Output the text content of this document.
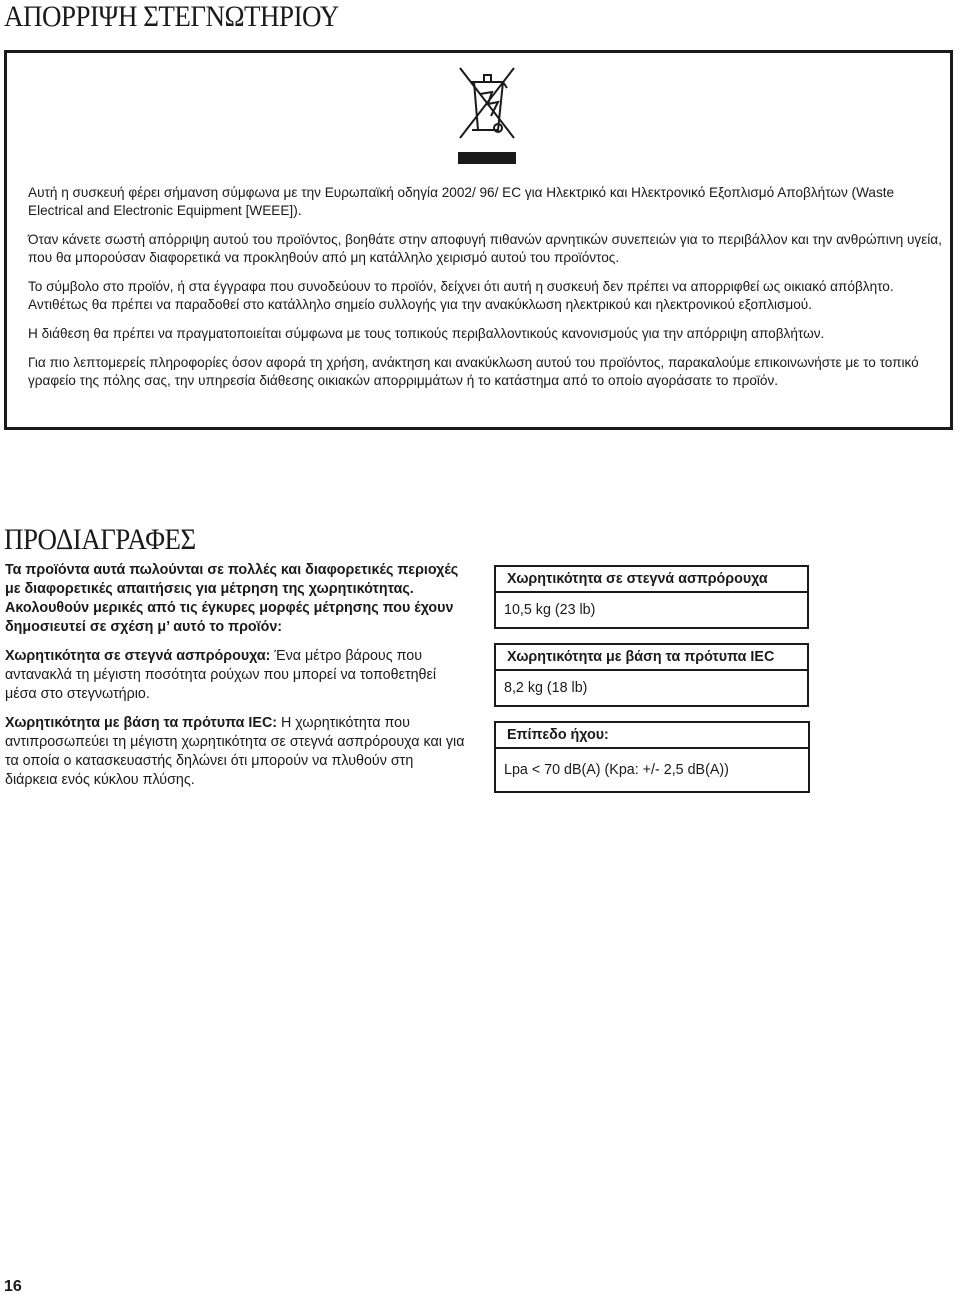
ΑΠΟΡΡΙΨΗ ΣΤΕΓΝΩΤΗΡΙΟΥ

Αυτή η συσκευή φέρει σήμανση σύμφωνα με την Ευρωπαϊκή οδηγία 2002/ 96/ EC για Ηλεκτρικό και Ηλεκτρονικό Εξοπλισμό Αποβλήτων (Waste Electrical and Electronic Equipment [WEEE]).

Όταν κάνετε σωστή απόρριψη αυτού του προϊόντος, βοηθάτε στην αποφυγή πιθανών αρνητικών συνεπειών για το περιβάλλον και την ανθρώπινη υγεία, που θα μπορούσαν διαφορετικά να προκληθούν από μη κατάλληλο χειρισμό αυτού του προϊόντος.

Το σύμβολο στο προϊόν, ή στα έγγραφα που συνοδεύουν το προϊόν, δείχνει ότι αυτή η συσκευή δεν πρέπει να απορριφθεί ως οικιακό απόβλητο. Αντιθέτως θα πρέπει να παραδοθεί στο κατάλληλο σημείο συλλογής για την ανακύκλωση ηλεκτρικού και ηλεκτρονικού εξοπλισμού.

Η διάθεση θα πρέπει να πραγματοποιείται σύμφωνα με τους τοπικούς περιβαλλοντικούς κανονισμούς για την απόρριψη αποβλήτων.

Για πιο λεπτομερείς πληροφορίες όσον αφορά τη χρήση, ανάκτηση και ανακύκλωση αυτού του προϊόντος, παρακαλούμε επικοινωνήστε με το τοπικό γραφείο της πόλης σας, την υπηρεσία διάθεσης οικιακών απορριμμάτων ή το κατάστημα από το οποίο αγοράσατε το προϊόν.

ΠΡΟΔΙΑΓΡΑΦΕΣ

Τα προϊόντα αυτά πωλούνται σε πολλές και διαφορετικές περιοχές με διαφορετικές απαιτήσεις για μέτρηση της χωρητικότητας. Ακολουθούν μερικές από τις έγκυρες μορφές μέτρησης που έχουν δημοσιευτεί σε σχέση μ’ αυτό το προϊόν:

Χωρητικότητα σε στεγνά ασπρόρουχα: Ένα μέτρο βάρους που αντανακλά τη μέγιστη ποσότητα ρούχων που μπορεί να τοποθετηθεί μέσα στο στεγνωτήριο.

Χωρητικότητα με βάση τα πρότυπα IEC: Η χωρητικότητα που αντιπροσωπεύει τη μέγιστη χωρητικότητα σε στεγνά ασπρόρουχα και για τα οποία ο κατασκευαστής δηλώνει ότι μπορούν να πλυθούν στη διάρκεια ενός κύκλου πλύσης.

Χωρητικότητα σε στεγνά ασπρόρουχα
10,5 kg (23 lb)
Χωρητικότητα με βάση τα πρότυπα IEC
8,2 kg (18 lb)
Επίπεδο ήχου:
Lpa < 70 dB(A) (Kpa: +/- 2,5 dB(A))
16
